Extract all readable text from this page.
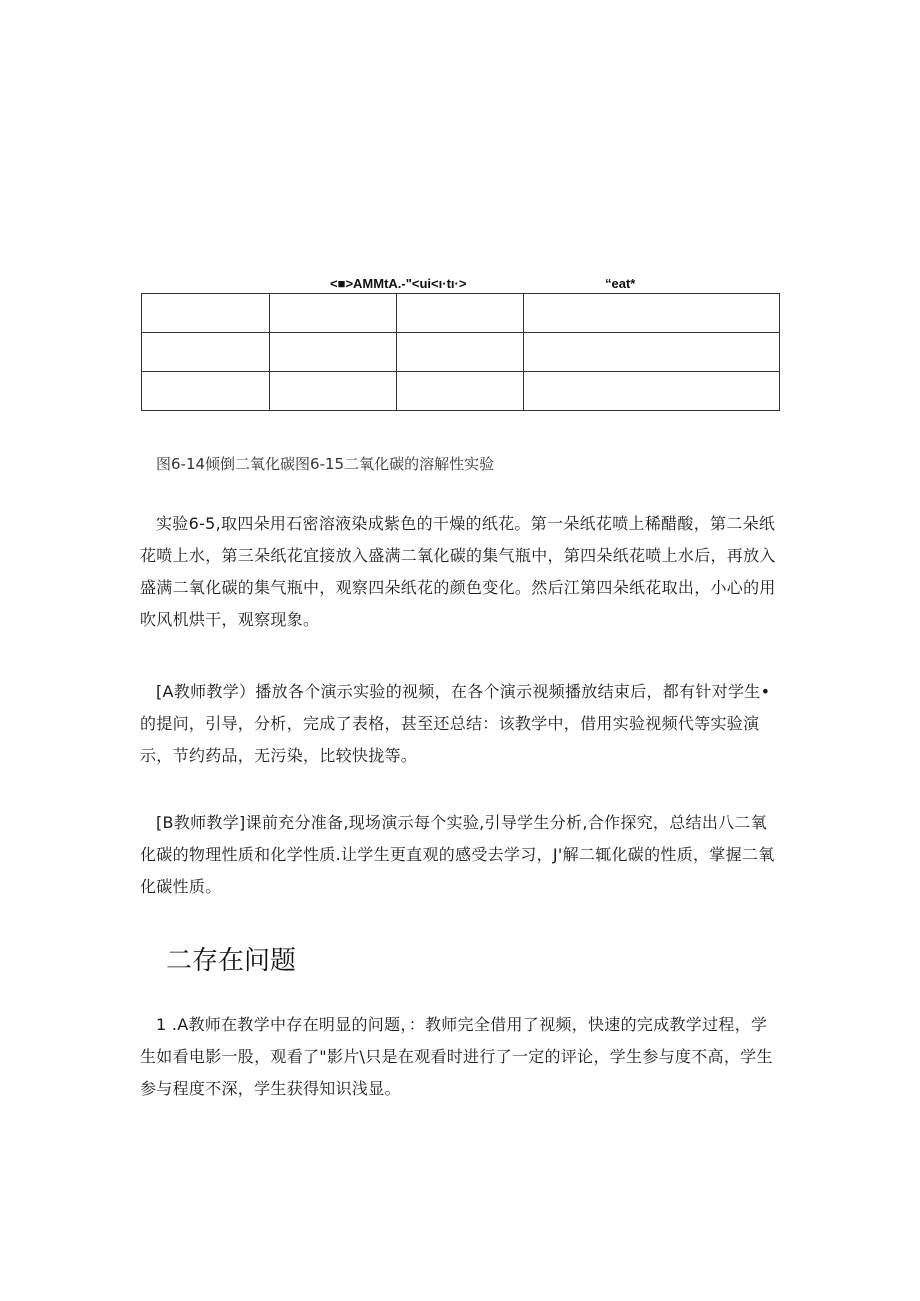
<■>AMMtA.-"<ui<ı·tı·>	“eat*

图6-14倾倒二氧化碳图6-15二氧化碳的溶解性实验

实验6-5,取四朵用石密溶液染成紫色的干燥的纸花。第一朵纸花喷上稀醋酸，第二朵纸花喷上水，第三朵纸花宜接放入盛满二氧化碳的集气瓶中，第四朵纸花喷上水后，再放入盛满二氧化碳的集气瓶中，观察四朵纸花的颜色变化。然后江第四朵纸花取出，小心的用吹风机烘干，观察现象。

[A教师教学）播放各个演示实验的视频，在各个演示视频播放结束后，都有针对学生•的提问，引导，分析，完成了表格，甚至还总结：该教学中，借用实验视频代等实验演示，节约药品，无污染，比较快拢等。

[B教师教学]课前充分准备,现场演示每个实验,引导学生分析,合作探究，总结出八二氧化碳的物理性质和化学性质.让学生更直观的感受去学习，J'解二辄化碳的性质，掌握二氧化碳性质。

二存在问题

1 .A教师在教学中存在明显的问题，：教师完全借用了视频，快速的完成教学过程，学生如看电影一股，观看了"影片\只是在观看时进行了一定的评论，学生参与度不高，学生参与程度不深，学生获得知识浅显。
